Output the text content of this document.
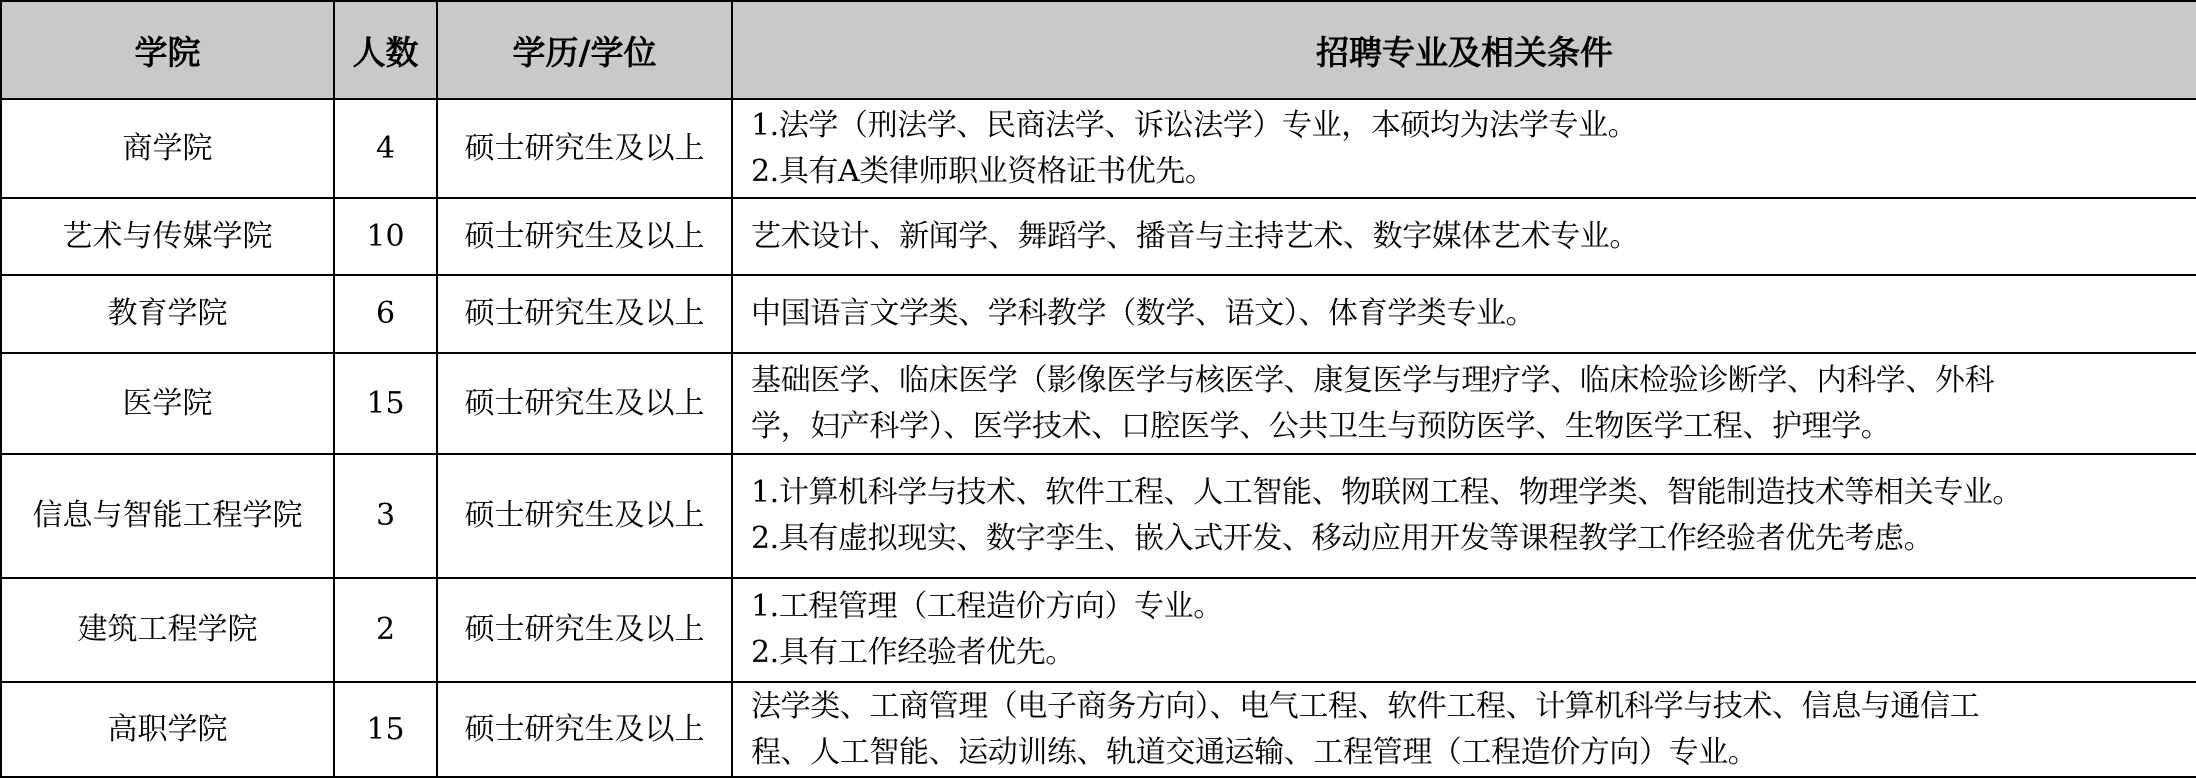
学院	人数	学历/学位	招聘专业及相关条件
商学院	4	硕士研究生及以上	1.法学（刑法学、民商法学、诉讼法学）专业，本硕均为法学专业。
2.具有A类律师职业资格证书优先。

艺术与传媒学院	10	硕士研究生及以上	艺术设计、新闻学、舞蹈学、播音与主持艺术、数字媒体艺术专业。

教育学院	6	硕士研究生及以上	中国语言文学类、学科教学（数学、语文）、体育学类专业。

医学院	15	硕士研究生及以上	基础医学、临床医学（影像医学与核医学、康复医学与理疗学、临床检验诊断学、内科学、外科
学，妇产科学）、医学技术、口腔医学、公共卫生与预防医学、生物医学工程、护理学。

信息与智能工程学院	3	硕士研究生及以上	1.计算机科学与技术、软件工程、人工智能、物联网工程、物理学类、智能制造技术等相关专业。
2.具有虚拟现实、数字孪生、嵌入式开发、移动应用开发等课程教学工作经验者优先考虑。

建筑工程学院	2	硕士研究生及以上	1.工程管理（工程造价方向）专业。
2.具有工作经验者优先。

高职学院	15	硕士研究生及以上	法学类、工商管理（电子商务方向）、电气工程、软件工程、计算机科学与技术、信息与通信工
程、人工智能、运动训练、轨道交通运输、工程管理（工程造价方向）专业。
